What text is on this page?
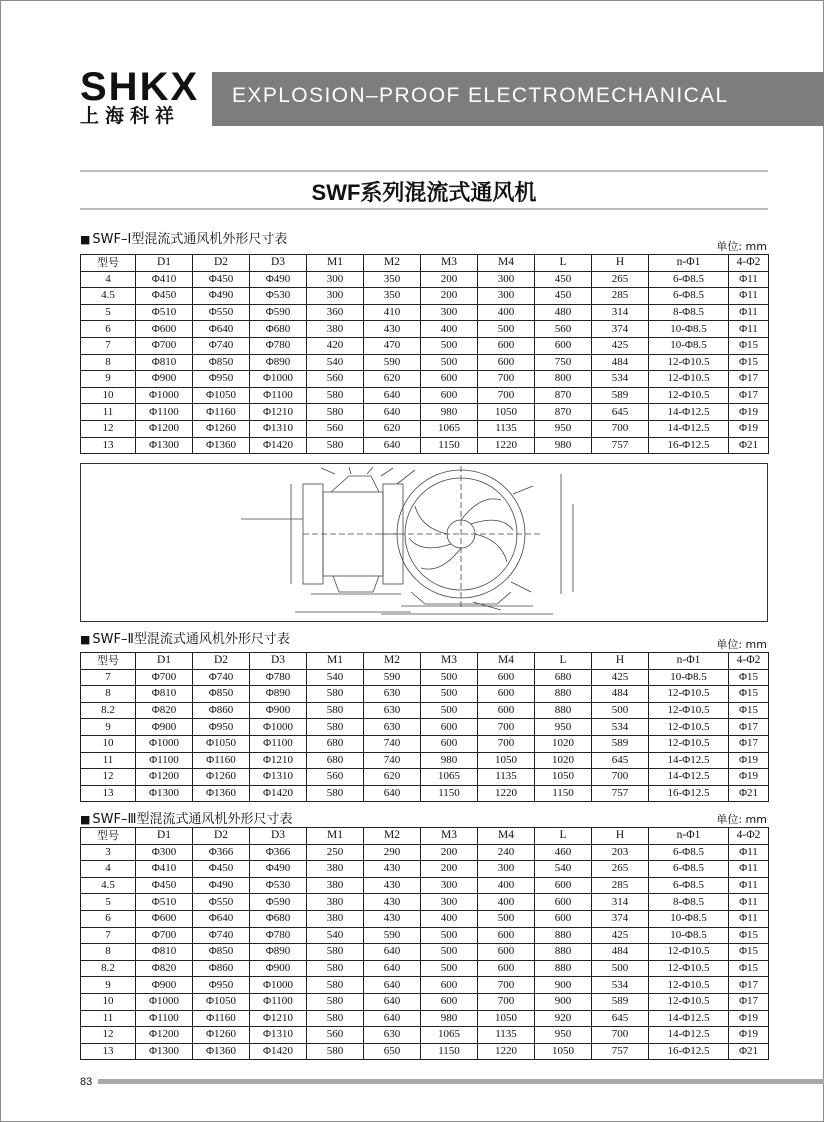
SHKX
上海科祥
EXPLOSION–PROOF ELECTROMECHANICAL
SWF系列混流式通风机
■ SWF–Ⅰ型混流式通风机外形尺寸表	单位: mm
型号	D1	D2	D3	M1	M2	M3	M4	L	H	n-Φ1	4-Φ2
4	Φ410	Φ450	Φ490	300	350	200	300	450	265	6-Φ8.5	Φ11
4.5	Φ450	Φ490	Φ530	300	350	200	300	450	285	6-Φ8.5	Φ11
5	Φ510	Φ550	Φ590	360	410	300	400	480	314	8-Φ8.5	Φ11
6	Φ600	Φ640	Φ680	380	430	400	500	560	374	10-Φ8.5	Φ11
7	Φ700	Φ740	Φ780	420	470	500	600	600	425	10-Φ8.5	Φ15
8	Φ810	Φ850	Φ890	540	590	500	600	750	484	12-Φ10.5	Φ15
9	Φ900	Φ950	Φ1000	560	620	600	700	800	534	12-Φ10.5	Φ17
10	Φ1000	Φ1050	Φ1100	580	640	600	700	870	589	12-Φ10.5	Φ17
11	Φ1100	Φ1160	Φ1210	580	640	980	1050	870	645	14-Φ12.5	Φ19
12	Φ1200	Φ1260	Φ1310	560	620	1065	1135	950	700	14-Φ12.5	Φ19
13	Φ1300	Φ1360	Φ1420	580	640	1150	1220	980	757	16-Φ12.5	Φ21
■ SWF–Ⅱ型混流式通风机外形尺寸表	单位: mm
型号	D1	D2	D3	M1	M2	M3	M4	L	H	n-Φ1	4-Φ2
7	Φ700	Φ740	Φ780	540	590	500	600	680	425	10-Φ8.5	Φ15
8	Φ810	Φ850	Φ890	580	630	500	600	880	484	12-Φ10.5	Φ15
8.2	Φ820	Φ860	Φ900	580	630	500	600	880	500	12-Φ10.5	Φ15
9	Φ900	Φ950	Φ1000	580	630	600	700	950	534	12-Φ10.5	Φ17
10	Φ1000	Φ1050	Φ1100	680	740	600	700	1020	589	12-Φ10.5	Φ17
11	Φ1100	Φ1160	Φ1210	680	740	980	1050	1020	645	14-Φ12.5	Φ19
12	Φ1200	Φ1260	Φ1310	560	620	1065	1135	1050	700	14-Φ12.5	Φ19
13	Φ1300	Φ1360	Φ1420	580	640	1150	1220	1150	757	16-Φ12.5	Φ21
■ SWF–Ⅲ型混流式通风机外形尺寸表	单位: mm
型号	D1	D2	D3	M1	M2	M3	M4	L	H	n-Φ1	4-Φ2
3	Φ300	Φ366	Φ366	250	290	200	240	460	203	6-Φ8.5	Φ11
4	Φ410	Φ450	Φ490	380	430	200	300	540	265	6-Φ8.5	Φ11
4.5	Φ450	Φ490	Φ530	380	430	300	400	600	285	6-Φ8.5	Φ11
5	Φ510	Φ550	Φ590	380	430	300	400	600	314	8-Φ8.5	Φ11
6	Φ600	Φ640	Φ680	380	430	400	500	600	374	10-Φ8.5	Φ11
7	Φ700	Φ740	Φ780	540	590	500	600	880	425	10-Φ8.5	Φ15
8	Φ810	Φ850	Φ890	580	640	500	600	880	484	12-Φ10.5	Φ15
8.2	Φ820	Φ860	Φ900	580	640	500	600	880	500	12-Φ10.5	Φ15
9	Φ900	Φ950	Φ1000	580	640	600	700	900	534	12-Φ10.5	Φ17
10	Φ1000	Φ1050	Φ1100	580	640	600	700	900	589	12-Φ10.5	Φ17
11	Φ1100	Φ1160	Φ1210	580	640	980	1050	920	645	14-Φ12.5	Φ19
12	Φ1200	Φ1260	Φ1310	560	630	1065	1135	950	700	14-Φ12.5	Φ19
13	Φ1300	Φ1360	Φ1420	580	650	1150	1220	1050	757	16-Φ12.5	Φ21
83
